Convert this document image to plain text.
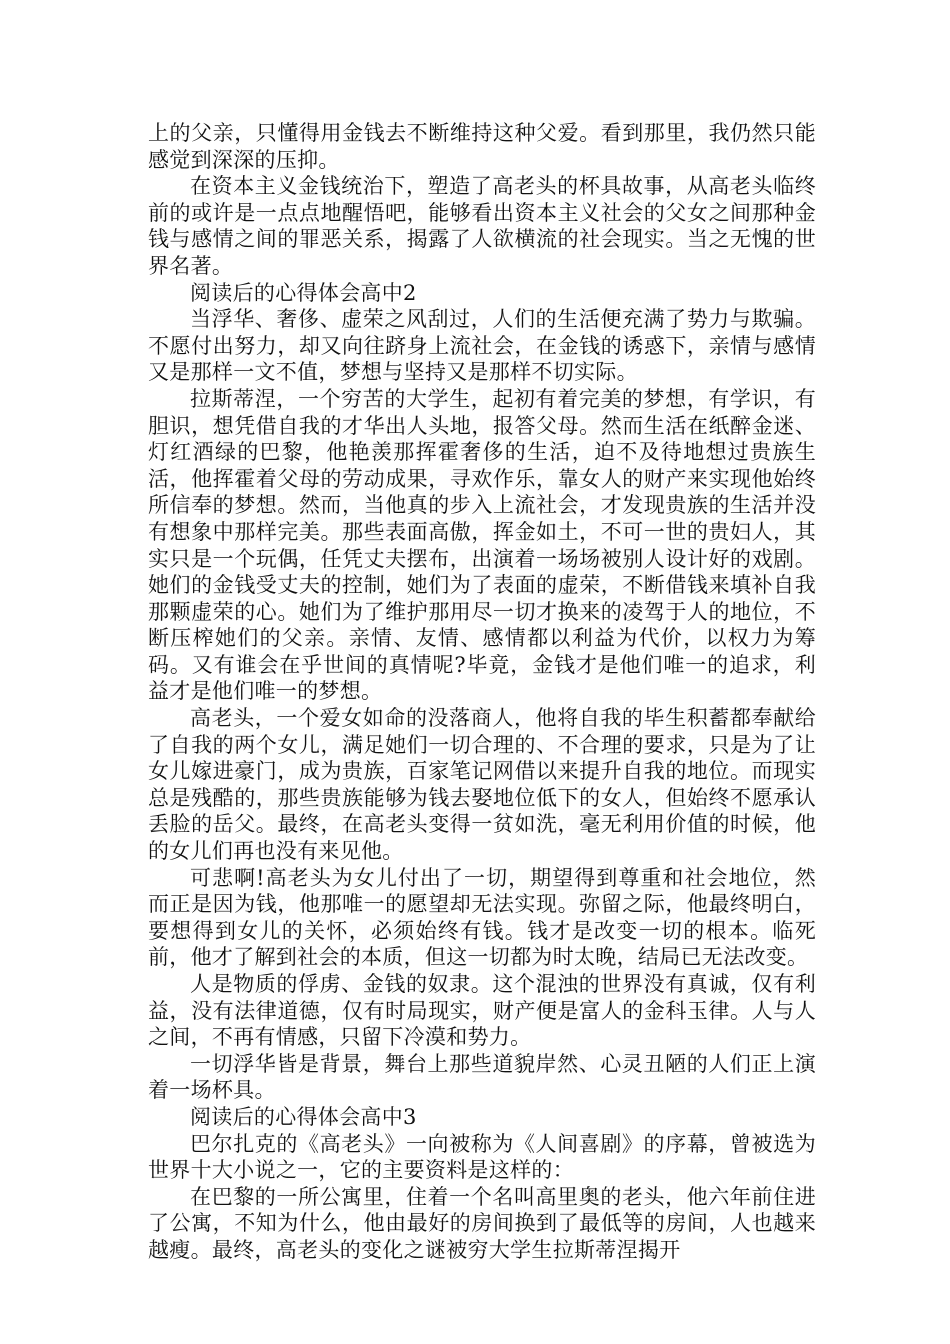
上的父亲，只懂得用金钱去不断维持这种父爱。看到那里，我仍然只能感觉到深深的压抑。

在资本主义金钱统治下，塑造了高老头的杯具故事，从高老头临终前的或许是一点点地醒悟吧，能够看出资本主义社会的父女之间那种金钱与感情之间的罪恶关系，揭露了人欲横流的社会现实。当之无愧的世界名著。

阅读后的心得体会高中2

当浮华、奢侈、虚荣之风刮过，人们的生活便充满了势力与欺骗。不愿付出努力，却又向往跻身上流社会，在金钱的诱惑下，亲情与感情又是那样一文不值，梦想与坚持又是那样不切实际。

拉斯蒂涅，一个穷苦的大学生，起初有着完美的梦想，有学识，有胆识，想凭借自我的才华出人头地，报答父母。然而生活在纸醉金迷、灯红酒绿的巴黎，他艳羡那挥霍奢侈的生活，迫不及待地想过贵族生活，他挥霍着父母的劳动成果，寻欢作乐，靠女人的财产来实现他始终所信奉的梦想。然而，当他真的步入上流社会，才发现贵族的生活并没有想象中那样完美。那些表面高傲，挥金如土，不可一世的贵妇人，其实只是一个玩偶，任凭丈夫摆布，出演着一场场被别人设计好的戏剧。她们的金钱受丈夫的控制，她们为了表面的虚荣，不断借钱来填补自我那颗虚荣的心。她们为了维护那用尽一切才换来的凌驾于人的地位，不断压榨她们的父亲。亲情、友情、感情都以利益为代价，以权力为筹码。又有谁会在乎世间的真情呢?毕竟，金钱才是他们唯一的追求，利益才是他们唯一的梦想。

高老头，一个爱女如命的没落商人，他将自我的毕生积蓄都奉献给了自我的两个女儿，满足她们一切合理的、不合理的要求，只是为了让女儿嫁进豪门，成为贵族，百家笔记网借以来提升自我的地位。而现实总是残酷的，那些贵族能够为钱去娶地位低下的女人，但始终不愿承认丢脸的岳父。最终，在高老头变得一贫如洗，毫无利用价值的时候，他的女儿们再也没有来见他。

可悲啊!高老头为女儿付出了一切，期望得到尊重和社会地位，然而正是因为钱，他那唯一的愿望却无法实现。弥留之际，他最终明白，要想得到女儿的关怀，必须始终有钱。钱才是改变一切的根本。临死前，他才了解到社会的本质，但这一切都为时太晚，结局已无法改变。

人是物质的俘虏、金钱的奴隶。这个混浊的世界没有真诚，仅有利益，没有法律道德，仅有时局现实，财产便是富人的金科玉律。人与人之间，不再有情感，只留下冷漠和势力。

一切浮华皆是背景，舞台上那些道貌岸然、心灵丑陋的人们正上演着一场杯具。

阅读后的心得体会高中3

巴尔扎克的《高老头》一向被称为《人间喜剧》的序幕，曾被选为世界十大小说之一，它的主要资料是这样的：

在巴黎的一所公寓里，住着一个名叫高里奥的老头，他六年前住进了公寓，不知为什么，他由最好的房间换到了最低等的房间，人也越来越瘦。最终，高老头的变化之谜被穷大学生拉斯蒂涅揭开
